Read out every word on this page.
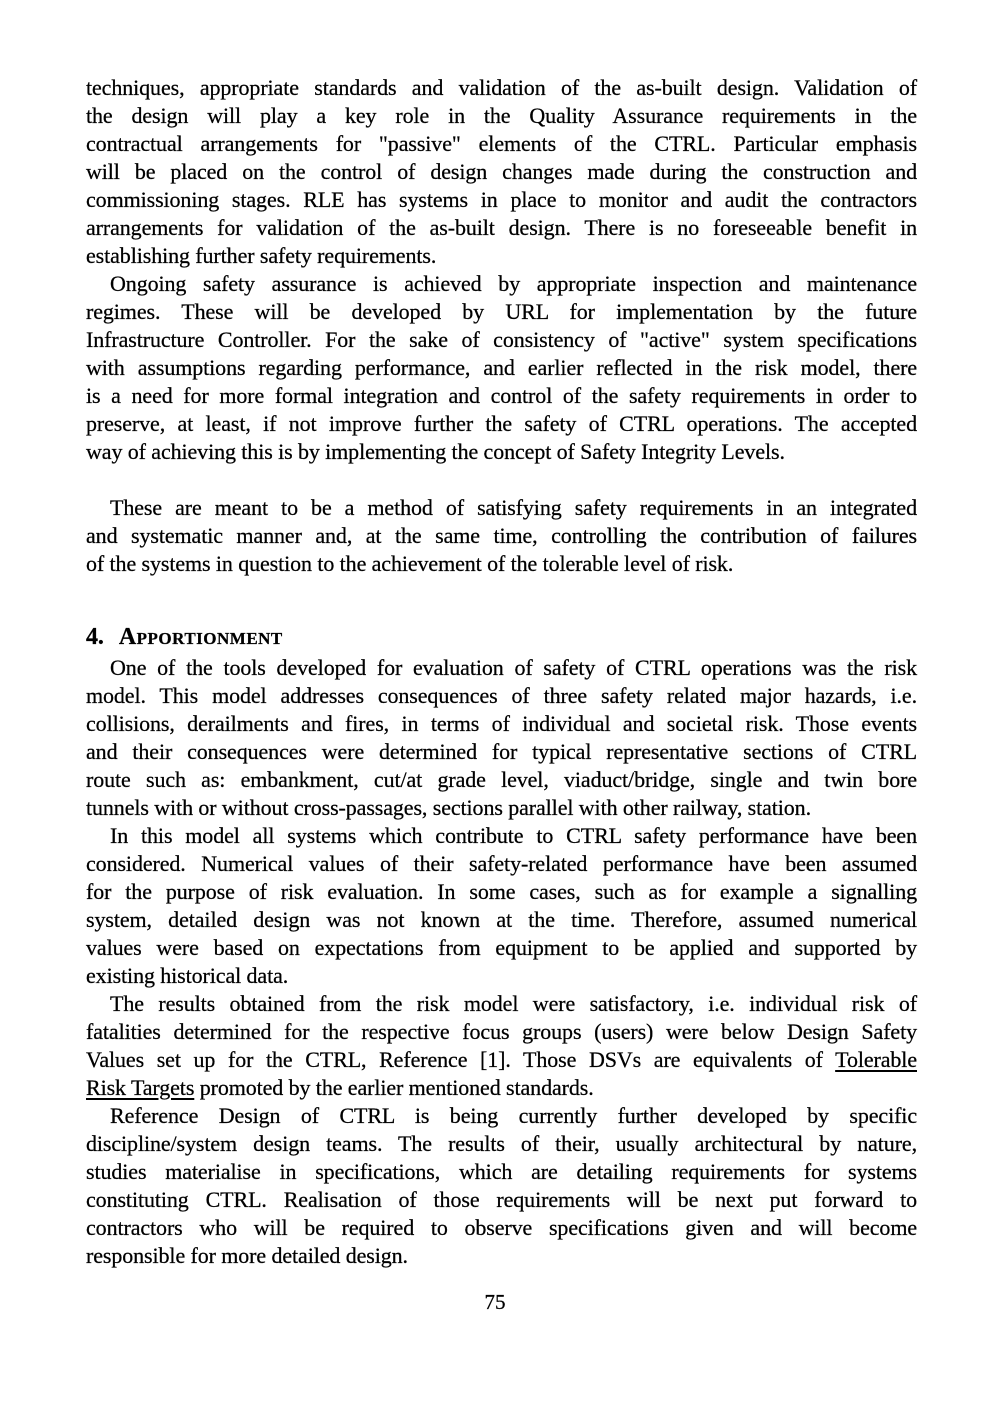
techniques, appropriate standards and validation of the as-built design. Validation of
the design will play a key role in the Quality Assurance requirements in the
contractual arrangements for "passive" elements of the CTRL. Particular emphasis
will be placed on the control of design changes made during the construction and
commissioning stages. RLE has systems in place to monitor and audit the contractors
arrangements for validation of the as-built design. There is no foreseeable benefit in
establishing further safety requirements.
Ongoing safety assurance is achieved by appropriate inspection and maintenance
regimes. These will be developed by URL for implementation by the future
Infrastructure Controller. For the sake of consistency of "active" system specifications
with assumptions regarding performance, and earlier reflected in the risk model, there
is a need for more formal integration and control of the safety requirements in order to
preserve, at least, if not improve further the safety of CTRL operations. The accepted
way of achieving this is by implementing the concept of Safety Integrity Levels.
These are meant to be a method of satisfying safety requirements in an integrated
and systematic manner and, at the same time, controlling the contribution of failures
of the systems in question to the achievement of the tolerable level of risk.
4. Apportionment
One of the tools developed for evaluation of safety of CTRL operations was the risk
model. This model addresses consequences of three safety related major hazards, i.e.
collisions, derailments and fires, in terms of individual and societal risk. Those events
and their consequences were determined for typical representative sections of CTRL
route such as: embankment, cut/at grade level, viaduct/bridge, single and twin bore
tunnels with or without cross-passages, sections parallel with other railway, station.
In this model all systems which contribute to CTRL safety performance have been
considered. Numerical values of their safety-related performance have been assumed
for the purpose of risk evaluation. In some cases, such as for example a signalling
system, detailed design was not known at the time. Therefore, assumed numerical
values were based on expectations from equipment to be applied and supported by
existing historical data.
The results obtained from the risk model were satisfactory, i.e. individual risk of
fatalities determined for the respective focus groups (users) were below Design Safety
Values set up for the CTRL, Reference [1]. Those DSVs are equivalents of Tolerable
Risk Targets promoted by the earlier mentioned standards.
Reference Design of CTRL is being currently further developed by specific
discipline/system design teams. The results of their, usually architectural by nature,
studies materialise in specifications, which are detailing requirements for systems
constituting CTRL. Realisation of those requirements will be next put forward to
contractors who will be required to observe specifications given and will become
responsible for more detailed design.
75
